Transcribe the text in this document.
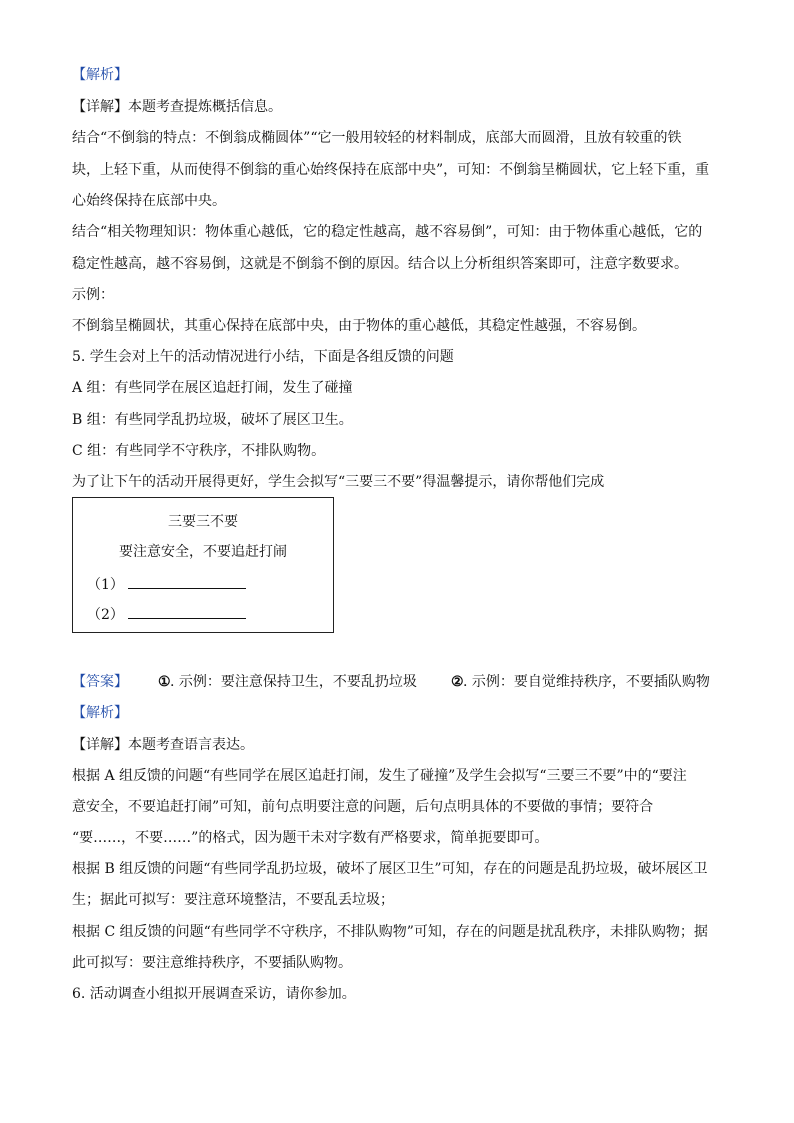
【解析】
【详解】本题考查提炼概括信息。
结合“不倒翁的特点：不倒翁成椭圆体”“它一般用较轻的材料制成，底部大而圆滑，且放有较重的铁
块，上轻下重，从而使得不倒翁的重心始终保持在底部中央”，可知：不倒翁呈椭圆状，它上轻下重，重
心始终保持在底部中央。
结合“相关物理知识：物体重心越低，它的稳定性越高，越不容易倒”，可知：由于物体重心越低，它的
稳定性越高，越不容易倒，这就是不倒翁不倒的原因。结合以上分析组织答案即可，注意字数要求。
示例：
不倒翁呈椭圆状，其重心保持在底部中央，由于物体的重心越低，其稳定性越强，不容易倒。
5. 学生会对上午的活动情况进行小结，下面是各组反馈的问题
A 组：有些同学在展区追赶打闹，发生了碰撞
B 组：有些同学乱扔垃圾，破坏了展区卫生。
C 组：有些同学不守秩序，不排队购物。
为了让下午的活动开展得更好，学生会拟写“三要三不要”得温馨提示，请你帮他们完成
三要三不要
要注意安全，不要追赶打闹
（1）
（2）
【答案】 ① . 示例：要注意保持卫生，不要乱扔垃圾 ② . 示例：要自觉维持秩序，不要插队购物
【解析】
【详解】本题考查语言表达。
根据 A 组反馈的问题“有些同学在展区追赶打闹，发生了碰撞”及学生会拟写“三要三不要”中的“要注
意安全，不要追赶打闹”可知，前句点明要注意的问题，后句点明具体的不要做的事情；要符合
“要……，不要……”的格式，因为题干未对字数有严格要求，简单扼要即可。
根据 B 组反馈的问题“有些同学乱扔垃圾，破坏了展区卫生”可知，存在的问题是乱扔垃圾，破坏展区卫
生；据此可拟写：要注意环境整洁，不要乱丢垃圾；
根据 C 组反馈的问题“有些同学不守秩序，不排队购物”可知，存在的问题是扰乱秩序，未排队购物；据
此可拟写：要注意维持秩序，不要插队购物。
6. 活动调查小组拟开展调查采访，请你参加。
